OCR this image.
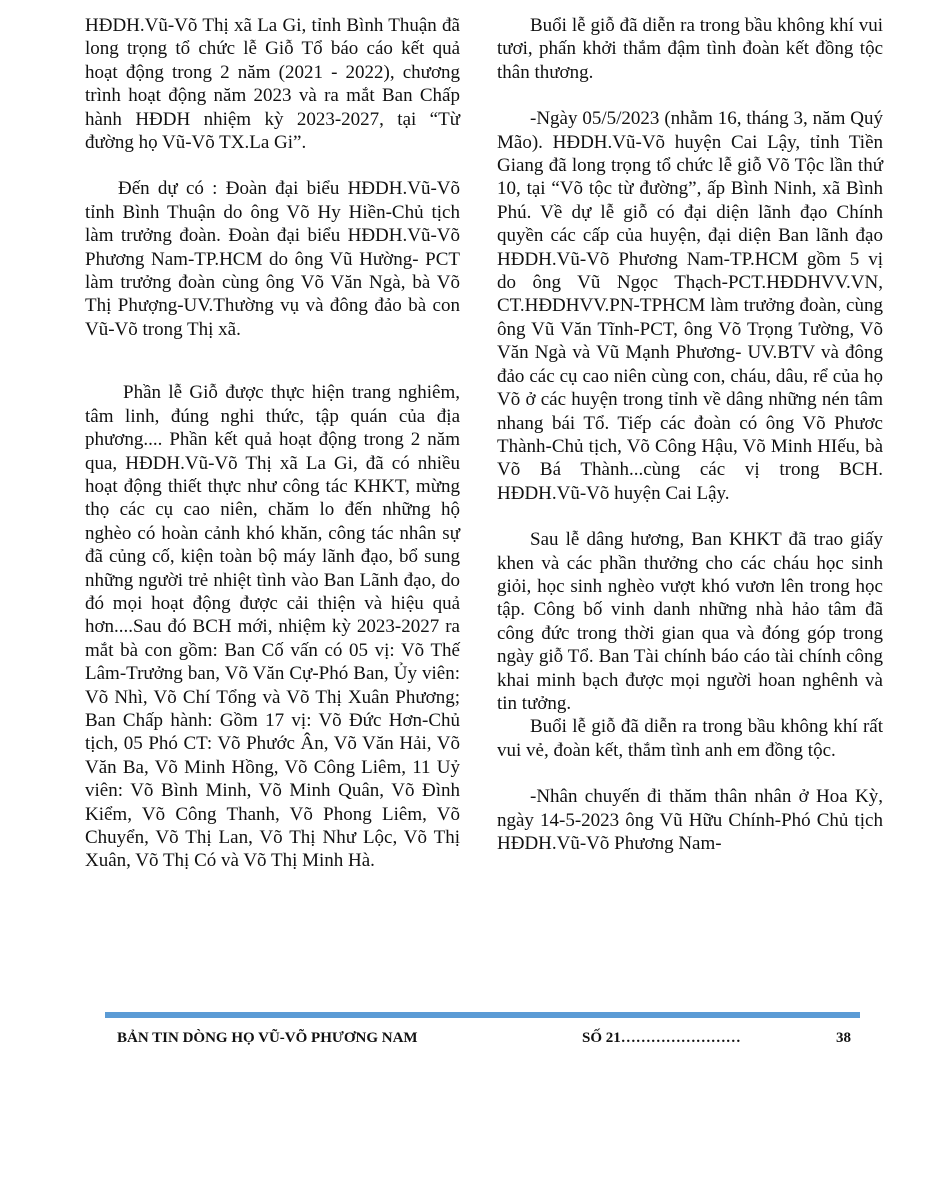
HĐDH.Vũ-Võ Thị xã La Gi, tỉnh Bình Thuận đã long trọng tổ chức lễ Giỗ Tổ báo cáo kết quả hoạt động trong 2 năm (2021 - 2022), chương trình hoạt động năm 2023 và ra mắt Ban Chấp hành HĐDH nhiệm kỳ 2023-2027, tại “Từ đường họ Vũ-Võ TX.La Gi”.

Đến dự có : Đoàn đại biểu HĐDH.Vũ-Võ tỉnh Bình Thuận do ông Võ Hy Hiền-Chủ tịch làm trưởng đoàn. Đoàn đại biểu HĐDH.Vũ-Võ Phương Nam-TP.HCM do ông Vũ Hường- PCT làm trưởng đoàn cùng ông Võ Văn Ngà, bà Võ Thị Phượng-UV.Thường vụ và đông đảo bà con Vũ-Võ trong Thị xã.

Phần lễ Giỗ được thực hiện trang nghiêm, tâm linh, đúng nghi thức, tập quán của địa phương.... Phần kết quả hoạt động trong 2 năm qua, HĐDH.Vũ-Võ Thị xã La Gi, đã có nhiều hoạt động thiết thực như công tác KHKT, mừng thọ các cụ cao niên, chăm lo đến những hộ nghèo có hoàn cảnh khó khăn, công tác nhân sự đã củng cố, kiện toàn bộ máy lãnh đạo, bổ sung những người trẻ nhiệt tình vào Ban Lãnh đạo, do đó mọi hoạt động được cải thiện và hiệu quả hơn....Sau đó BCH mới, nhiệm kỳ 2023-2027 ra mắt bà con gồm: Ban Cố vấn có 05 vị: Võ Thế Lâm-Trưởng ban, Võ Văn Cự-Phó Ban, Ủy viên: Võ Nhì, Võ Chí Tổng và Võ Thị Xuân Phương; Ban Chấp hành: Gồm 17 vị: Võ Đức Hơn-Chủ tịch, 05 Phó CT: Võ Phước Ân, Võ Văn Hải, Võ Văn Ba, Võ Minh Hồng, Võ Công Liêm, 11 Uỷ viên: Võ Bình Minh, Võ Minh Quân, Võ Đình Kiểm, Võ Công Thanh, Võ Phong Liêm, Võ Chuyển, Võ Thị Lan, Võ Thị Như Lộc, Võ Thị Xuân, Võ Thị Có và Võ Thị Minh Hà.

Buổi lễ giỗ đã diễn ra trong bầu không khí vui tươi, phấn khởi thắm đậm tình đoàn kết đồng tộc thân thương.

-Ngày 05/5/2023 (nhằm 16, tháng 3, năm Quý Mão). HĐDH.Vũ-Võ huyện Cai Lậy, tỉnh Tiền Giang đã long trọng tổ chức lễ giỗ Võ Tộc lần thứ 10, tại “Võ tộc từ đường”, ấp Bình Ninh, xã Bình Phú. Về dự lễ giỗ có đại diện lãnh đạo Chính quyền các cấp của huyện, đại diện Ban lãnh đạo HĐDH.Vũ-Võ Phương Nam-TP.HCM gồm 5 vị do ông Vũ Ngọc Thạch-PCT.HĐDHVV.VN, CT.HĐDHVV.PN-TPHCM làm trưởng đoàn, cùng ông Vũ Văn Tĩnh-PCT, ông Võ Trọng Tường, Võ Văn Ngà và Vũ Mạnh Phương- UV.BTV và đông đảo các cụ cao niên cùng con, cháu, dâu, rể của họ Võ ở các huyện trong tỉnh về dâng những nén tâm nhang bái Tổ. Tiếp các đoàn có ông Võ Phươc Thành-Chủ tịch, Võ Công Hậu, Võ Minh HIếu, bà Võ Bá Thành...cùng các vị trong BCH. HĐDH.Vũ-Võ huyện Cai Lậy.

Sau lễ dâng hương, Ban KHKT đã trao giấy khen và các phần thưởng cho các cháu học sinh giỏi, học sinh nghèo vượt khó vươn lên trong học tập. Công bố vinh danh những nhà hảo tâm đã công đức trong thời gian qua và đóng góp trong ngày giỗ Tổ. Ban Tài chính báo cáo tài chính công khai minh bạch được mọi người hoan nghênh và tin tưởng.

Buổi lễ giỗ đã diễn ra trong bầu không khí rất vui vẻ, đoàn kết, thắm tình anh em đồng tộc.

-Nhân chuyến đi thăm thân nhân ở Hoa Kỳ, ngày 14-5-2023 ông Vũ Hữu Chính-Phó Chủ tịch HĐDH.Vũ-Võ Phương Nam-

BẢN TIN DÒNG HỌ VŨ-VÕ PHƯƠNG NAM	SỐ 21……………………	38
